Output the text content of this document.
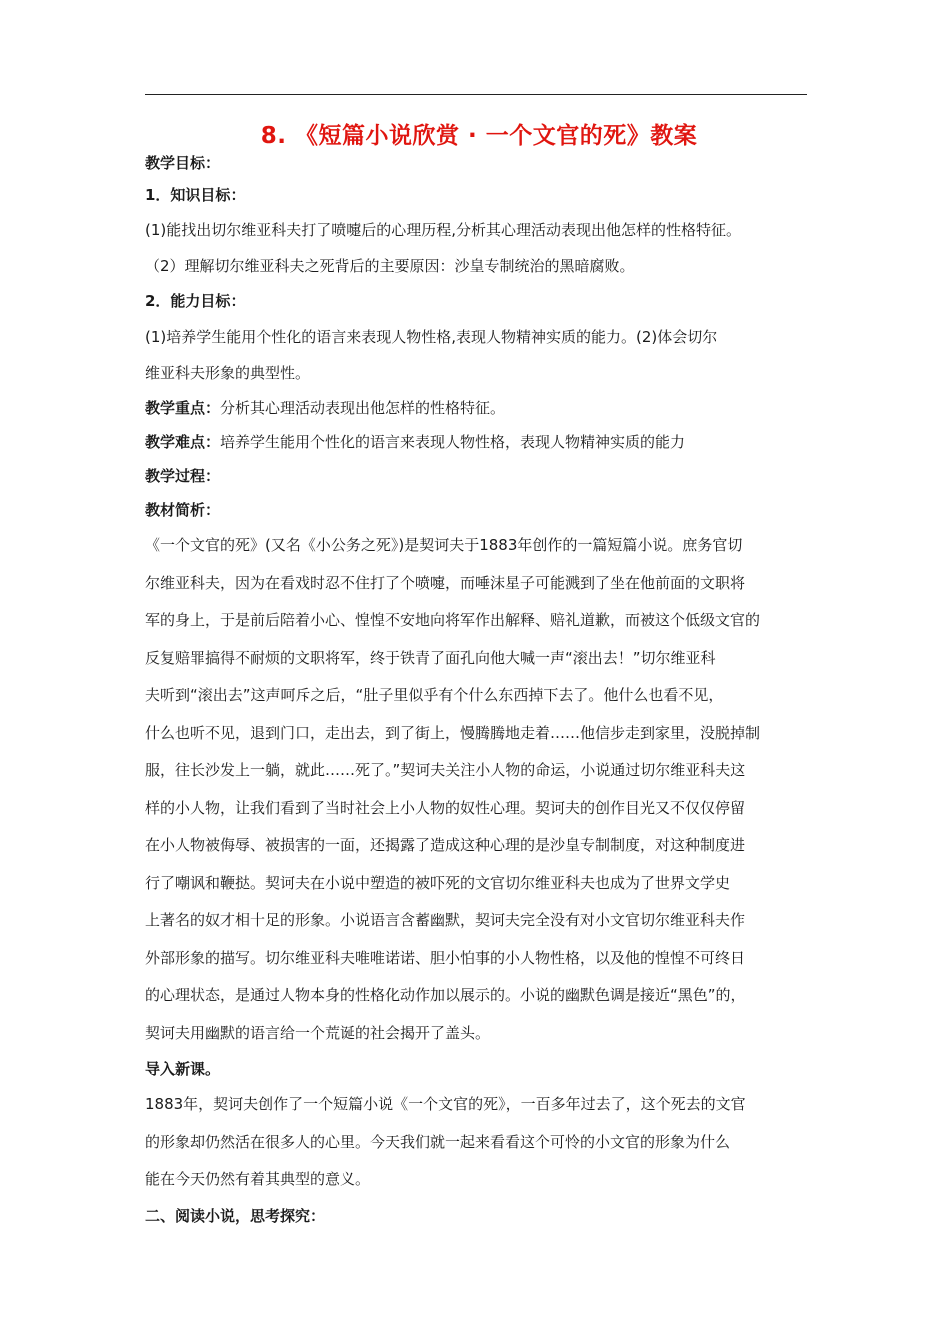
8. 《短篇小说欣赏 · 一个文官的死》教案

教学目标：

1．知识目标：

(1)能找出切尔维亚科夫打了喷嚏后的心理历程,分析其心理活动表现出他怎样的性格特征。

（2）理解切尔维亚科夫之死背后的主要原因：沙皇专制统治的黑暗腐败。

2．能力目标：

(1)培养学生能用个性化的语言来表现人物性格,表现人物精神实质的能力。(2)体会切尔

维亚科夫形象的典型性。

教学重点：分析其心理活动表现出他怎样的性格特征。

教学难点：培养学生能用个性化的语言来表现人物性格，表现人物精神实质的能力

教学过程：

教材简析：

《一个文官的死》(又名《小公务之死》)是契诃夫于1883年创作的一篇短篇小说。庶务官切

尔维亚科夫，因为在看戏时忍不住打了个喷嚏，而唾沫星子可能溅到了坐在他前面的文职将

军的身上，于是前后陪着小心、惶惶不安地向将军作出解释、赔礼道歉，而被这个低级文官的

反复赔罪搞得不耐烦的文职将军，终于铁青了面孔向他大喊一声“滚出去！”切尔维亚科

夫听到“滚出去”这声呵斥之后，“肚子里似乎有个什么东西掉下去了。他什么也看不见，

什么也听不见，退到门口，走出去，到了街上，慢腾腾地走着……他信步走到家里，没脱掉制

服，往长沙发上一躺，就此……死了。”契诃夫关注小人物的命运，小说通过切尔维亚科夫这

样的小人物，让我们看到了当时社会上小人物的奴性心理。契诃夫的创作目光又不仅仅停留

在小人物被侮辱、被损害的一面，还揭露了造成这种心理的是沙皇专制制度，对这种制度进

行了嘲讽和鞭挞。契诃夫在小说中塑造的被吓死的文官切尔维亚科夫也成为了世界文学史

上著名的奴才相十足的形象。小说语言含蓄幽默，契诃夫完全没有对小文官切尔维亚科夫作

外部形象的描写。切尔维亚科夫唯唯诺诺、胆小怕事的小人物性格，以及他的惶惶不可终日

的心理状态，是通过人物本身的性格化动作加以展示的。小说的幽默色调是接近“黑色”的，

契诃夫用幽默的语言给一个荒诞的社会揭开了盖头。

导入新课。

1883年，契诃夫创作了一个短篇小说《一个文官的死》，一百多年过去了，这个死去的文官

的形象却仍然活在很多人的心里。今天我们就一起来看看这个可怜的小文官的形象为什么

能在今天仍然有着其典型的意义。

二、阅读小说，思考探究：
